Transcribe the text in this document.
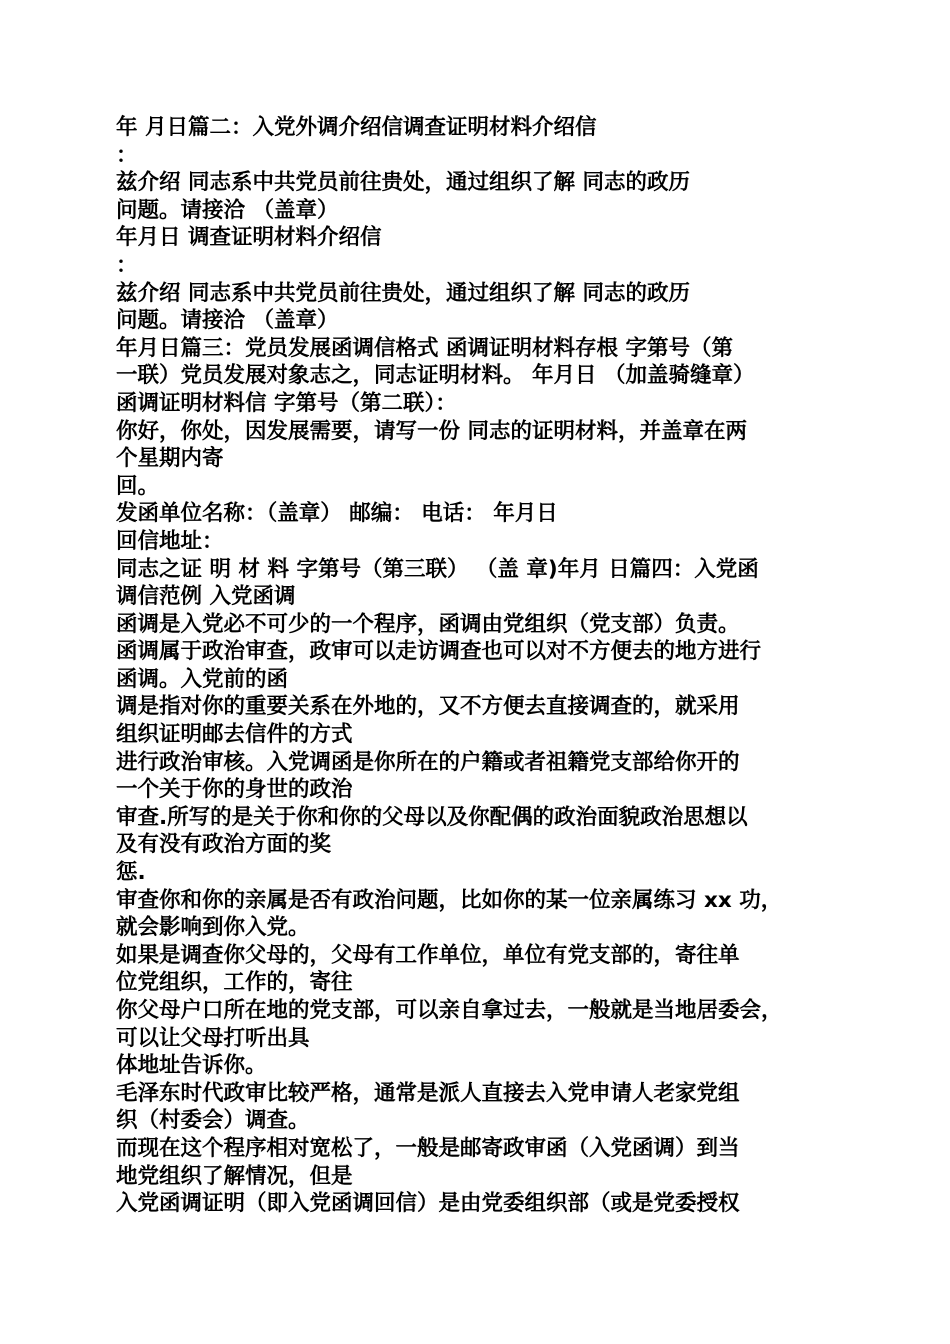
年 月日篇二：入党外调介绍信调查证明材料介绍信
：
兹介绍 同志系中共党员前往贵处，通过组织了解 同志的政历
问题。请接洽 （盖章）
年月日 调查证明材料介绍信
：
兹介绍 同志系中共党员前往贵处，通过组织了解 同志的政历
问题。请接洽 （盖章）
年月日篇三：党员发展函调信格式 函调证明材料存根 字第号（第
一联）党员发展对象志之，同志证明材料。 年月日 （加盖骑缝章）
函调证明材料信 字第号（第二联）：
你好，你处，因发展需要，请写一份 同志的证明材料，并盖章在两
个星期内寄
回。
发函单位名称：（盖章） 邮编： 电话： 年月日
回信地址：
同志之证 明 材 料 字第号（第三联） （盖 章)年月 日篇四：入党函
调信范例 入党函调
函调是入党必不可少的一个程序，函调由党组织（党支部）负责。
函调属于政治审查，政审可以走访调查也可以对不方便去的地方进行
函调。入党前的函
调是指对你的重要关系在外地的，又不方便去直接调查的，就采用
组织证明邮去信件的方式
进行政治审核。入党调函是你所在的户籍或者祖籍党支部给你开的
一个关于你的身世的政治
审查.所写的是关于你和你的父母以及你配偶的政治面貌政治思想以
及有没有政治方面的奖
惩.
审查你和你的亲属是否有政治问题，比如你的某一位亲属练习 xx 功，
就会影响到你入党。
如果是调查你父母的，父母有工作单位，单位有党支部的，寄往单
位党组织，工作的，寄往
你父母户口所在地的党支部，可以亲自拿过去，一般就是当地居委会，
可以让父母打听出具
体地址告诉你。
毛泽东时代政审比较严格，通常是派人直接去入党申请人老家党组
织（村委会）调查。
而现在这个程序相对宽松了，一般是邮寄政审函（入党函调）到当
地党组织了解情况，但是
入党函调证明（即入党函调回信）是由党委组织部（或是党委授权
